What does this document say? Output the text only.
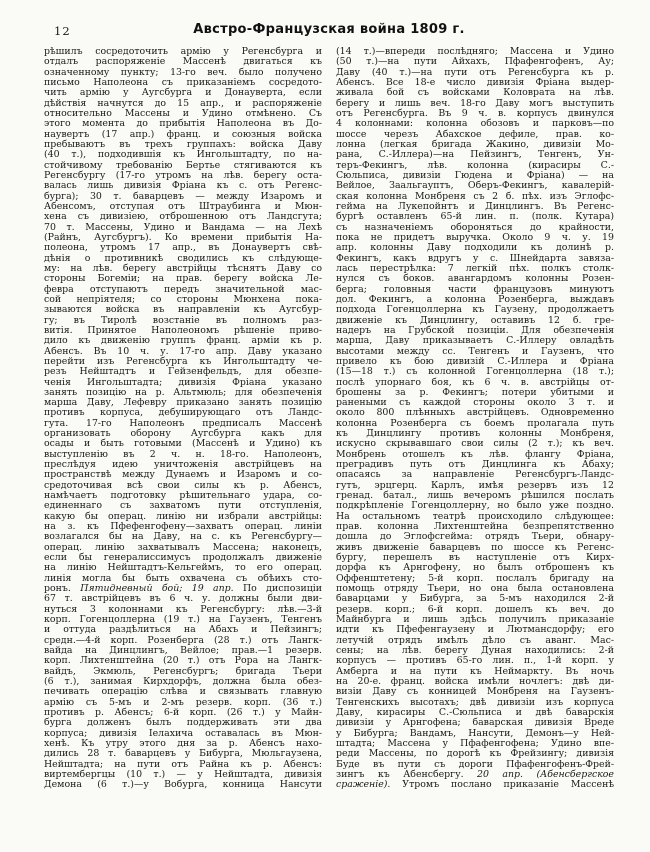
12	Австро-Французская война 1809 г.
рѣшилъ сосредоточить армію у Регенсбурга и
отдалъ распоряженіе Массенѣ двигаться къ
означенному пункту; 13-го веч. было получено
письмо Наполеона съ приказаніемъ сосредото-
чить армію у Аугсбурга и Донауверта, если
дѣйствія начнутся до 15 апр., и распоряженіе
относительно Массены и Удино отмѣнено. Съ
этого момента до прибытія Наполеона въ До-
наувертъ (17 апр.) франц. и союзныя войска
пребываютъ въ трехъ группахъ: войска Даву
(40 т.), подходившія къ Ингольштадту, по на-
стойчивому требованію Бертье стягиваются къ
Регенсбургу (17-го утромъ на лѣв. берегу оста-
валась лишь дивизія Фріана къ с. отъ Регенс-
бурга); 30 т. баварцевъ — между Изаромъ и
Абенсомъ, отступая отъ Штраубинга и Мюн-
хена съ дивизіею, отброшенною отъ Ландсгута;
70 т. Массены, Удино и Вандама — на Лехѣ
(Райнъ, Аугсбургъ). Ко времени прибытія На-
полеона, утромъ 17 апр., въ Донаувертъ свѣ-
дѣнія о противникѣ сводились къ слѣдующе-
му: на лѣв. берегу австрійцы тѣснятъ Даву со
стороны Богеміи; на прав. берегу войска Ле-
февра отступаютъ передъ значительной мас-
сой непріятеля; со стороны Мюнхена пока-
зываются войска въ направленіи къ Аугсбур-
гу; въ Тиролѣ возстаніе въ полномъ раз-
витія. Принятое Наполеономъ рѣшеніе приво-
дило къ движенію группъ франц. арміи къ р.
Абенсъ. Въ 10 ч. у. 17-го апр. Даву указано
перейти изъ Регенсбурга къ Ингольштадту че-
резъ Нейштадтъ и Гейзенфельдъ, для обезпе-
ченія Ингольштадта; дивизія Фріана указано
занять позицію на р. Альтмюль; для обезпеченія
марша Даву, Лефевру приказано занять позицію
противъ корпуса, дебуширующаго отъ Ландс-
гута. 17-го Наполеонъ предписалъ Массенѣ
организовать оборону Аугсбурга какъ для
осады и быть готовыми (Массенѣ и Удино) къ
выступленію въ 2 ч. н. 18-го. Наполеонъ,
преслѣдуя идею уничтоженія австрійцевъ на
пространствѣ между Дунаемъ и Изаромъ и со-
средоточивая всѣ свои силы къ р. Абенсъ,
намѣчаетъ подготовку рѣшительнаго удара, со-
единеннаго съ захватомъ пути отступленія,
какую бы операц. линію ни избрали австрійцы:
на з. къ Пфефенгофену—захватъ операц. линіи
возлагался бы на Даву, на с. къ Регенсбургу—
операц. линію захватывалъ Массена; наконецъ,
если бы генералиссимусъ продолжалъ движеніе
на линію Нейштадтъ-Кельгеймъ, то его операц.
линія могла бы быть охвачена съ обѣихъ сто-
ронъ. Пятидневный бой; 19 апр. По диспозиціи
67 т. австрійцевъ въ 6 ч. у. должны были дви-
нуться 3 колоннами къ Регенсбургу: лѣв.—3-й
корп. Гогенцоллерна (19 т.) на Гаузенъ, Тенгенъ
и оттуда раздѣлиться на Абахъ и Пейзингъ;
средн.—4-й корп. Розенберга (28 т.) отъ Лангк-
вайда на Динцлингъ, Вейлое; прав.—1 резерв.
корп. Лихтенштейна (20 т.) отъ Рора на Лангк-
вайдъ, Экмюль, Регенсбургъ; бригада Тьери
(6 т.), занимая Кирхдорфъ, должна была обез-
печивать операцію слѣва и связывать главную
армію съ 5-мъ и 2-мъ резерв. корп. (36 т.)
противъ р. Абенсъ; 6-й корп. (26 т.) у Майн-
бурга долженъ былъ поддерживать эти два
корпуса; дивизія Іелахича оставалась въ Мюн-
хенѣ. Къ утру этого дня за р. Абенсъ нахо-
дились 28 т. баварцевъ у Бибурга, Мюльгаузена,
Нейштадта; на пути отъ Райна къ р. Абенсъ:
виртембергцы (10 т.) — у Нейштадта, дивизія
Демона (6 т.)—у Вобурга, конница Нансути
(14 т.)—впереди послѣдняго; Массена и Удино
(50 т.)—на пути Айхахъ, Пфафенгофенъ, Ау;
Даву (40 т.)—на пути отъ Регенсбурга къ р.
Абенсъ. Все 18-е число дивизія Фріана выдер-
живала бой съ войсками Коловрата на лѣв.
берегу и лишь веч. 18-го Даву могъ выступить
отъ Регенсбурга. Въ 9 ч. в. корпусъ двинулся
4 колоннами: колонна обозовъ и парковъ—по
шоссе черезъ Абахское дефиле, прав. ко-
лонна (легкая бригада Жакино, дивизіи Мо-
рана, С.-Иллера)—на Пейзингъ, Тенгенъ, Ун-
теръ-Фекингъ, лѣв. колонна (кирасиры С.-
Сюльписа, дивизіи Гюдена и Фріана) — на
Вейлое, Заальгауптъ, Оберъ-Фекингъ, кавалерій-
ская колонна Монбреня съ 2 б. пѣх. изъ Эглофс-
гейма на Лукепойнтъ и Динцлингъ. Въ Регенс-
бургѣ оставленъ 65-й лин. п. (полк. Кутара)
съ назначеніемъ обороняться до крайности,
пока не придетъ выручка. Около 9 ч. у. 19
апр. колонны Даву подходили къ долинѣ р.
Фекингъ, какъ вдругъ у с. Шнейдарта завяза-
лась перестрѣлка: 7 легкій пѣх. полкъ столк-
нулся съ боков. авангардомъ колонны Розен-
берга; головныя части французовъ минуютъ
дол. Фекингъ, а колонна Розенберга, выждавъ
подхода Гогенцоллерна къ Гаузену, продолжаетъ
движеніе къ Динцлингу, оставивъ 12 б. гре-
надеръ на Грубской позиціи. Для обезпеченія
марша, Даву приказываетъ С.-Иллеру овладѣть
высотами между сс. Тенгенъ и Гаузенъ, что
привело къ бою дивизій С.-Иллера и Фріана
(15—18 т.) съ колонной Гогенцоллерна (18 т.);
послѣ упорнаго боя, къ 6 ч. в. австрійцы от-
брошены за р. Фекингъ; потери убитыми и
ранеными съ каждой стороны около 3 т. и
около 800 плѣнныхъ австрійцевъ. Одновременно
колонна Розенберга съ боемъ пролагала путь
къ Динцлингу противъ колонны Монбреня,
искусно скрывавшаго свои силы (2 т.); къ веч.
Монбрень отошелъ къ лѣв. флангу Фріана,
преградивъ путь отъ Динцлинга къ Абаху;
опасаясь за направленіе Регенсбургъ-Ландс-
гутъ, эрцгерц. Карлъ, имѣя резервъ изъ 12
гренад. батал., лишь вечеромъ рѣшился послать
подкрѣпленіе Гогенцоллерну, но было уже поздно.
На остальномъ театрѣ происходило слѣдующее:
прав. колонна Лихтенштейна безпрепятственно
дошла до Эглофсгейма: отрядъ Тьери, обнару-
живъ движеніе баварцевъ по шоссе къ Регенс-
бургу, перешелъ въ наступленіе отъ Кирх-
дорфа къ Арнгофену, но былъ отброшенъ къ
Оффенштетену; 5-й корп. послалъ бригаду на
помощь отряду Тьери, но она была остановлена
баварцами у Бибурга, за 5-мъ находился 2-й
резерв. корп.; 6-й корп. дошелъ къ веч. до
Майнбурга и лишь здѣсь получилъ приказаніе
идти къ Пфефенгаузену и Лютмансдорфу; его
летучій отрядъ имѣлъ дѣло съ аванг. Мас-
сены; на лѣв. берегу Дуная находились: 2-й
корпусъ — противъ 65-го лин. п., 1-й корп. у
Амберга и на пути къ Неймаркту. Въ ночь
на 20-е. франц. войска имѣли ночлегъ: двѣ ди-
визіи Даву съ конницей Монбреня на Гаузенъ-
Тенгенскихъ высотахъ; двѣ дивизіи изъ корпуса
Даву, кирасиры С.-Сюльписа и двѣ баварскія
дивизіи у Арнгофена; баварская дивизія Вреде
у Бибурга; Вандамъ, Нансути, Демонъ—у Ней-
штадта; Массена у Пфафенгофена; Удино впе-
реди Массены, по дорогѣ къ Фрейзингу; дивизія
Буде въ пути съ дороги Пфафенгофенъ-Фрей-
зингъ къ Абенсбергу. 20 апр. (Абенсбергское
сраженіе). Утромъ послано приказаніе Массенѣ
